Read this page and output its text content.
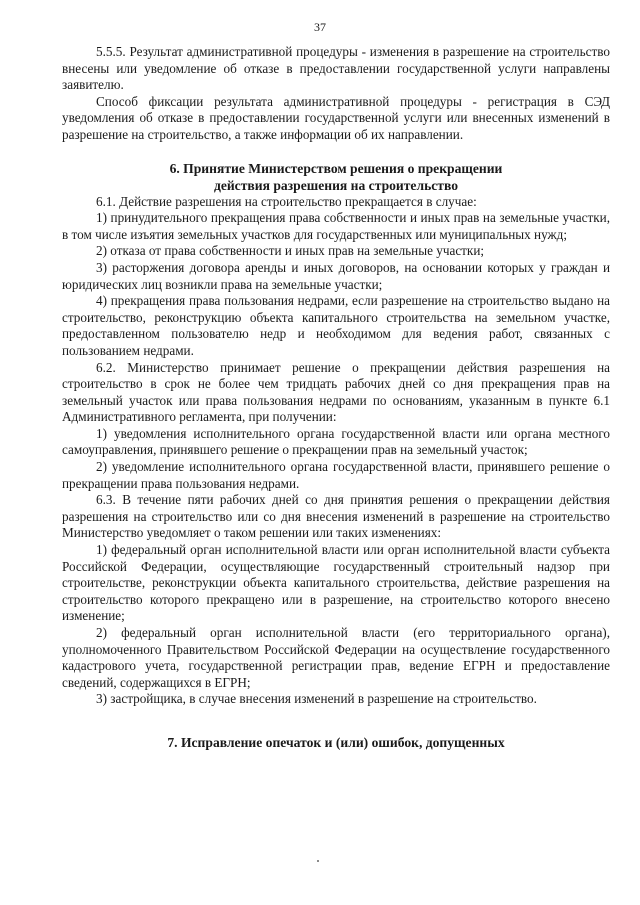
37

5.5.5. Результат административной процедуры - изменения в разрешение на строительство внесены или уведомление об отказе в предоставлении государственной услуги направлены заявителю.

Способ фиксации результата административной процедуры - регистрация в СЭД уведомления об отказе в предоставлении государственной услуги или внесенных изменений в разрешение на строительство, а также информации об их направлении.

6. Принятие Министерством решения о прекращении
действия разрешения на строительство

6.1. Действие разрешения на строительство прекращается в случае:

1) принудительного прекращения права собственности и иных прав на земельные участки, в том числе изъятия земельных участков для государственных или муниципальных нужд;

2) отказа от права собственности и иных прав на земельные участки;

3) расторжения договора аренды и иных договоров, на основании которых у граждан и юридических лиц возникли права на земельные участки;

4) прекращения права пользования недрами, если разрешение на строительство выдано на строительство, реконструкцию объекта капитального строительства на земельном участке, предоставленном пользователю недр и необходимом для ведения работ, связанных с пользованием недрами.

6.2. Министерство принимает решение о прекращении действия разрешения на строительство в срок не более чем тридцать рабочих дней со дня прекращения прав на земельный участок или права пользования недрами по основаниям, указанным в пункте 6.1 Административного регламента, при получении:

1) уведомления исполнительного органа государственной власти или органа местного самоуправления, принявшего решение о прекращении прав на земельный участок;

2) уведомление исполнительного органа государственной власти, принявшего решение о прекращении права пользования недрами.

6.3. В течение пяти рабочих дней со дня принятия решения о прекращении действия разрешения на строительство или со дня внесения изменений в разрешение на строительство Министерство уведомляет о таком решении или таких изменениях:

1) федеральный орган исполнительной власти или орган исполнительной власти субъекта Российской Федерации, осуществляющие государственный строительный надзор при строительстве, реконструкции объекта капитального строительства, действие разрешения на строительство которого прекращено или в разрешение, на строительство которого внесено изменение;

2) федеральный орган исполнительной власти (его территориального органа), уполномоченного Правительством Российской Федерации на осуществление государственного кадастрового учета, государственной регистрации прав, ведение ЕГРН и предоставление сведений, содержащихся в ЕГРН;

3) застройщика, в случае внесения изменений в разрешение на строительство.

7. Исправление опечаток и (или) ошибок, допущенных
